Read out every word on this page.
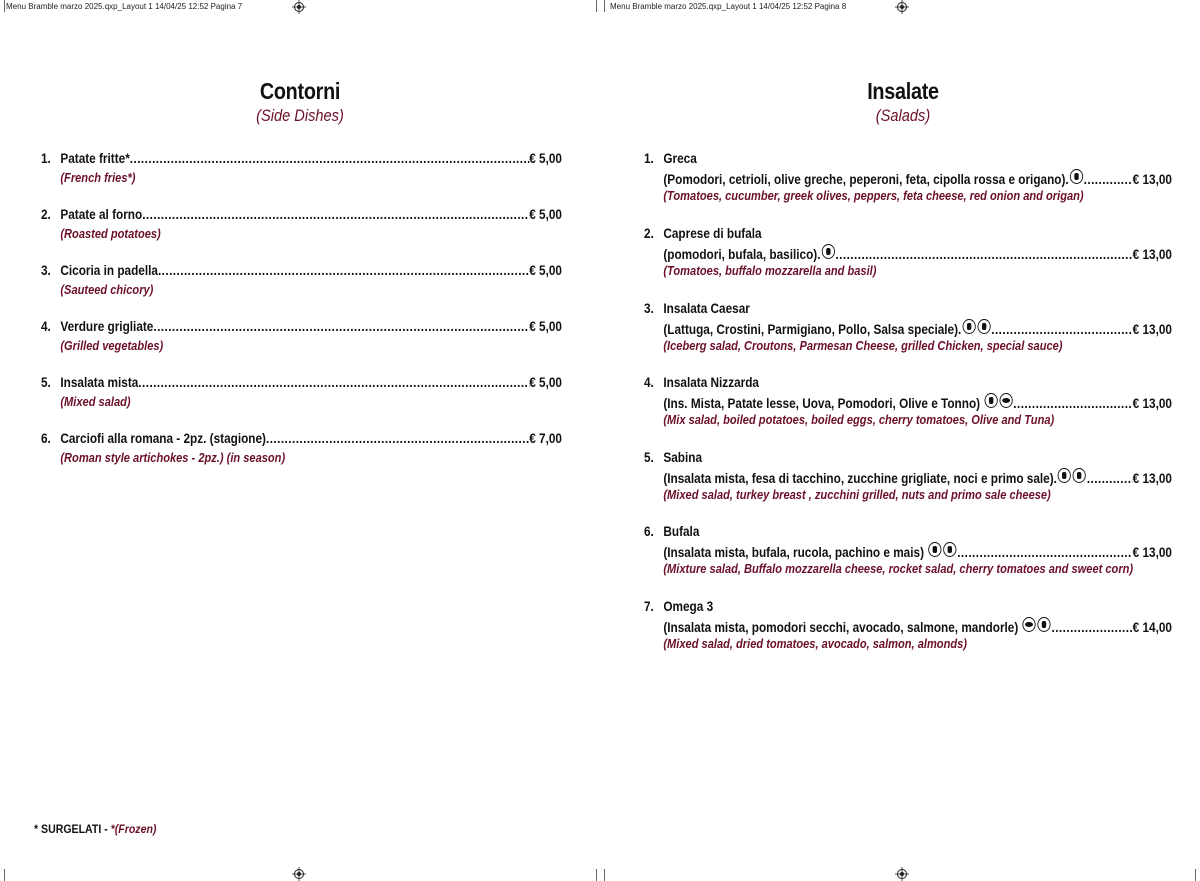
Menu Bramble marzo 2025.qxp_Layout 1 14/04/25 12:52 Pagina 7	Menu Bramble marzo 2025.qxp_Layout 1 14/04/25 12:52 Pagina 8
Contorni
(Side Dishes)
1. Patate fritte* .....	€ 5,00
(French fries*)
2. Patate al forno .....	€ 5,00
(Roasted potatoes)
3. Cicoria in padella .....	€ 5,00
(Sauteed chicory)
4. Verdure grigliate .....	€ 5,00
(Grilled vegetables)
5. Insalata mista .....	€ 5,00
(Mixed salad)
6. Carciofi alla romana - 2pz. (stagione) .....	€ 7,00
(Roman style artichokes - 2pz.) (in season)
* SURGELATI - *(Frozen)
Insalate
(Salads)
1. Greca
(Pomodori, cetrioli, olive greche, peperoni, feta, cipolla rossa e origano). .....	€ 13,00
(Tomatoes, cucumber, greek olives, peppers, feta cheese, red onion and origan)
2. Caprese di bufala
(pomodori, bufala, basilico). .....	€ 13,00
(Tomatoes, buffalo mozzarella and basil)
3. Insalata Caesar
(Lattuga, Crostini, Parmigiano, Pollo, Salsa speciale). .....	€ 13,00
(Iceberg salad, Croutons, Parmesan Cheese, grilled Chicken, special sauce)
4. Insalata Nizzarda
(Ins. Mista, Patate lesse, Uova, Pomodori, Olive e Tonno)
.....	€ 13,00
(Mix salad, boiled potatoes, boiled eggs, cherry tomatoes, Olive and Tuna)
5. Sabina
(Insalata mista, fesa di tacchino, zucchine grigliate, noci e primo sale). .....	€ 13,00
(Mixed salad, turkey breast , zucchini grilled, nuts and primo sale cheese)
6. Bufala
(Insalata mista, bufala, rucola, pachino e mais)
.....	€ 13,00
(Mixture salad, Buffalo mozzarella cheese, rocket salad, cherry tomatoes and sweet corn)
7. Omega 3
(Insalata mista, pomodori secchi, avocado, salmone, mandorle)
.....	€ 14,00
(Mixed salad, dried tomatoes, avocado, salmon, almonds)
